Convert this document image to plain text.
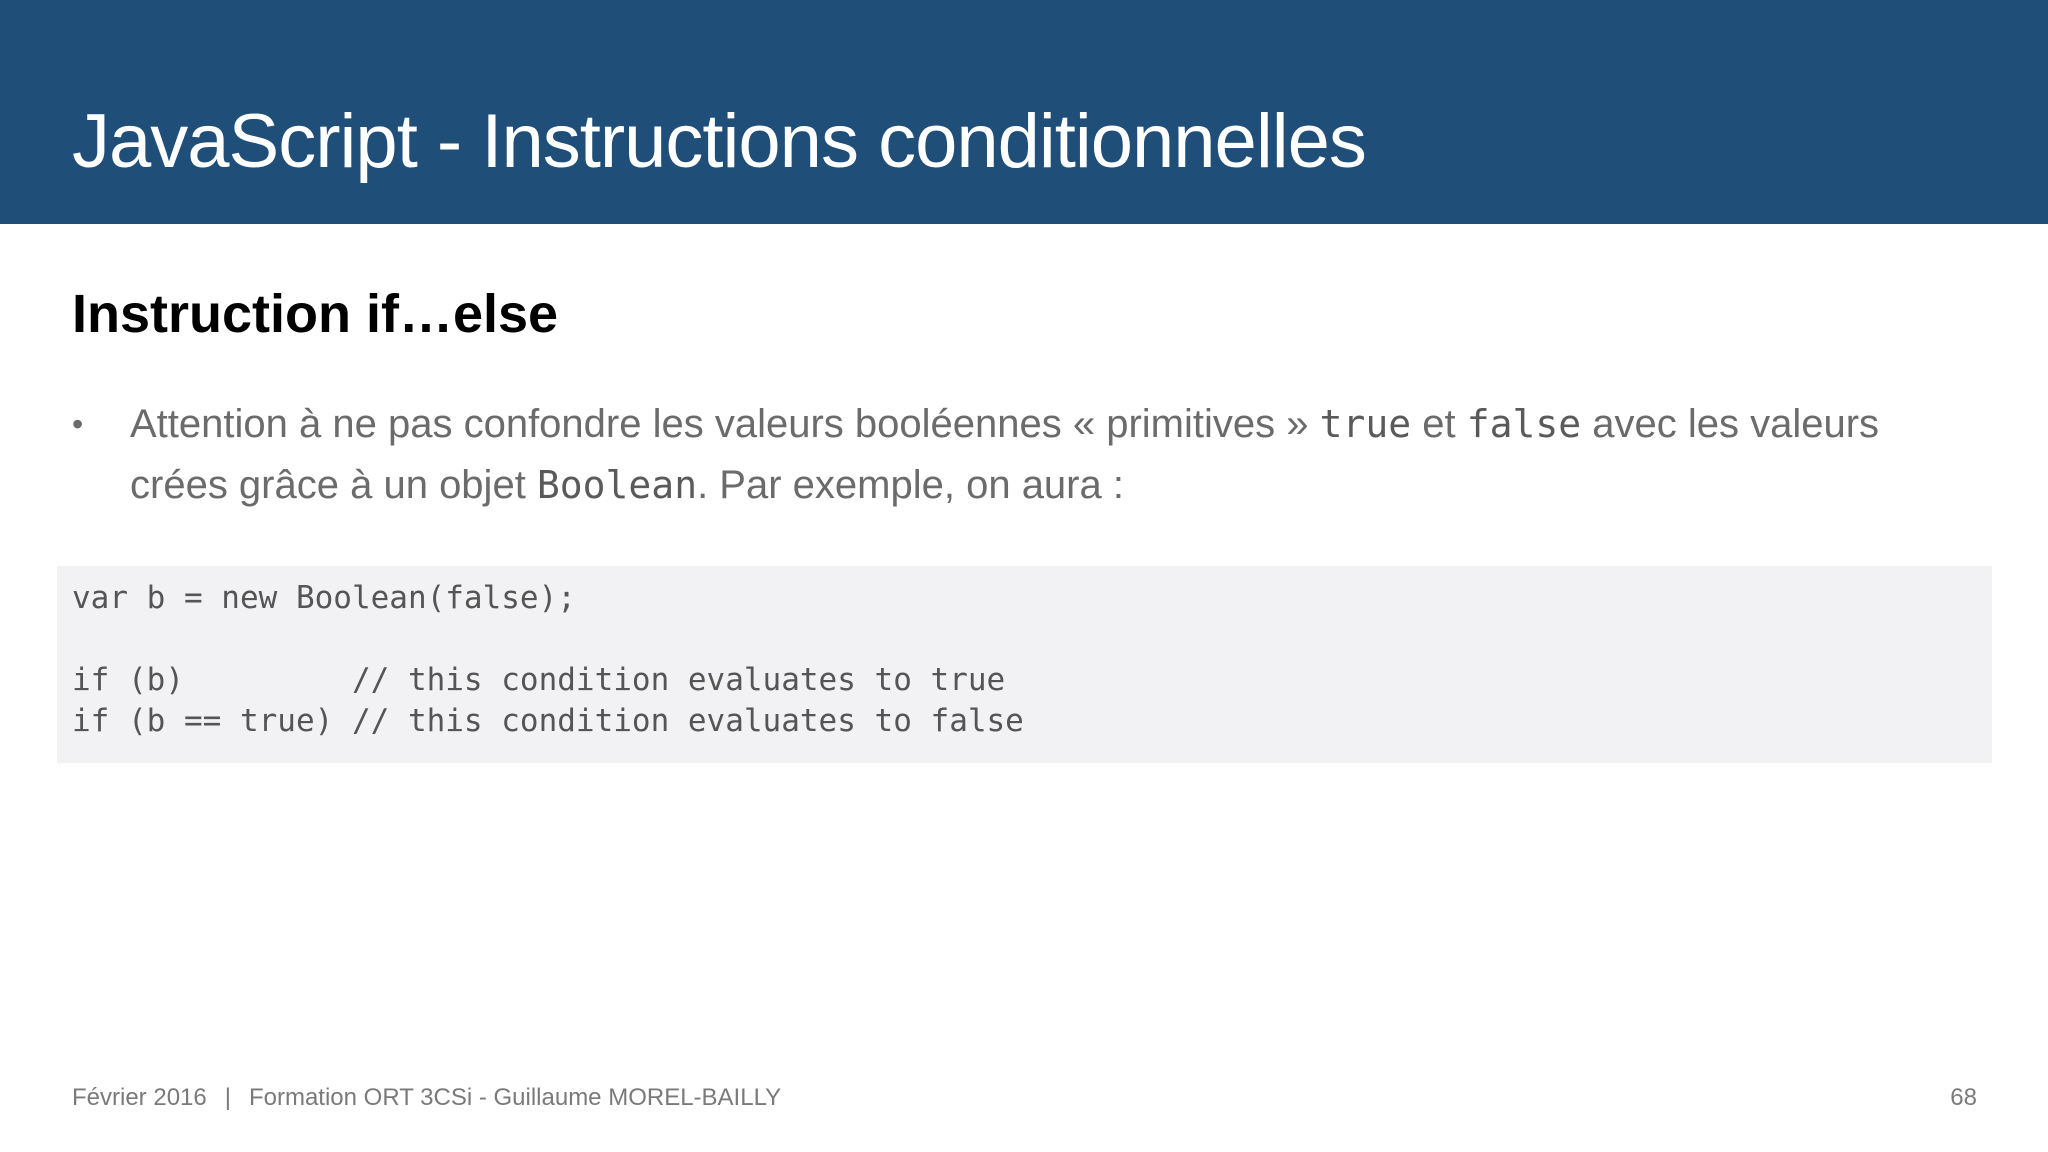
JavaScript - Instructions conditionnelles
Instruction if…else
•	Attention à ne pas confondre les valeurs booléennes « primitives » true et false avec les valeurs
crées grâce à un objet Boolean. Par exemple, on aura :
var b = new Boolean(false);
if (b)         // this condition evaluates to true
if (b == true) // this condition evaluates to false
Février 2016 | Formation ORT 3CSi - Guillaume MOREL-BAILLY	68
